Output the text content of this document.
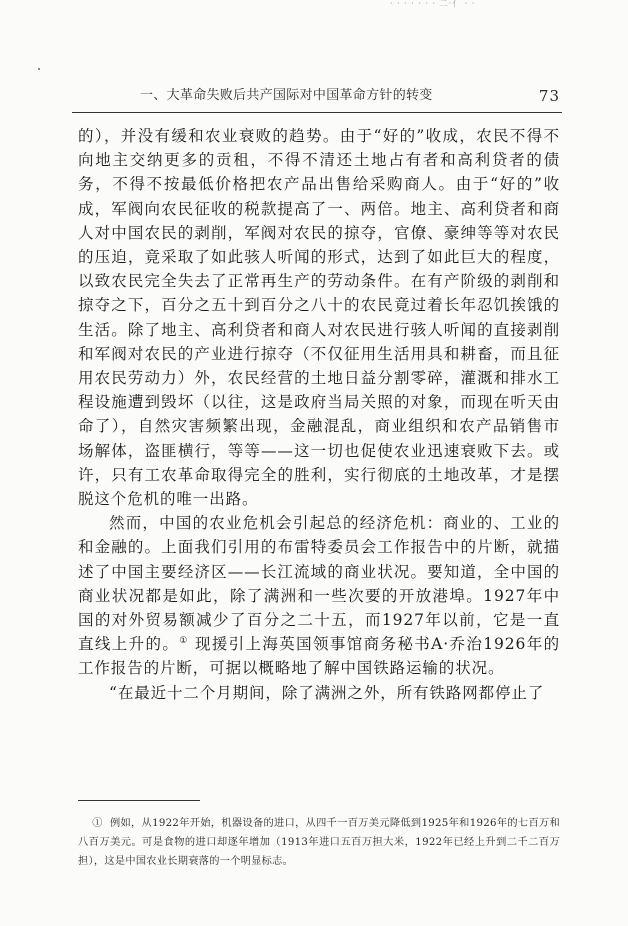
· · · · · · · 二·亻 · ·
一、大革命失败后共产国际对中国革命方针的转变	73

的），并没有缓和农业衰败的趋势。由于“好的”收成，农民不得不向地主交纳更多的贡租，不得不清还土地占有者和高利贷者的债务，不得不按最低价格把农产品出售给采购商人。由于“好的”收成，军阀向农民征收的税款提高了一、两倍。地主、高利贷者和商人对中国农民的剥削，军阀对农民的掠夺，官僚、豪绅等等对农民的压迫，竟采取了如此骇人听闻的形式，达到了如此巨大的程度，以致农民完全失去了正常再生产的劳动条件。在有产阶级的剥削和掠夺之下，百分之五十到百分之八十的农民竟过着长年忍饥挨饿的生活。除了地主、高利贷者和商人对农民进行骇人听闻的直接剥削和军阀对农民的产业进行掠夺（不仅征用生活用具和耕畜，而且征用农民劳动力）外，农民经营的土地日益分割零碎，灌溉和排水工程设施遭到毁坏（以往，这是政府当局关照的对象，而现在听天由命了），自然灾害频繁出现，金融混乱，商业组织和农产品销售市场解体，盗匪横行，等等——这一切也促使农业迅速衰败下去。或许，只有工农革命取得完全的胜利，实行彻底的土地改革，才是摆脱这个危机的唯一出路。

然而，中国的农业危机会引起总的经济危机：商业的、工业的和金融的。上面我们引用的布雷特委员会工作报告中的片断，就描述了中国主要经济区——长江流域的商业状况。要知道，全中国的商业状况都是如此，除了满洲和一些次要的开放港埠。1927年中国的对外贸易额减少了百分之二十五，而1927年以前，它是一直直线上升的。① 现援引上海英国领事馆商务秘书A·乔治1926年的工作报告的片断，可据以概略地了解中国铁路运输的状况。

“在最近十二个月期间，除了满洲之外，所有铁路网都停止了

① 例如，从1922年开始，机器设备的进口，从四千一百万美元降低到1925年和1926年的七百万和八百万美元。可是食物的进口却逐年增加（1913年进口五百万担大米，1922年已经上升到二千二百万担），这是中国农业长期衰落的一个明显标志。
